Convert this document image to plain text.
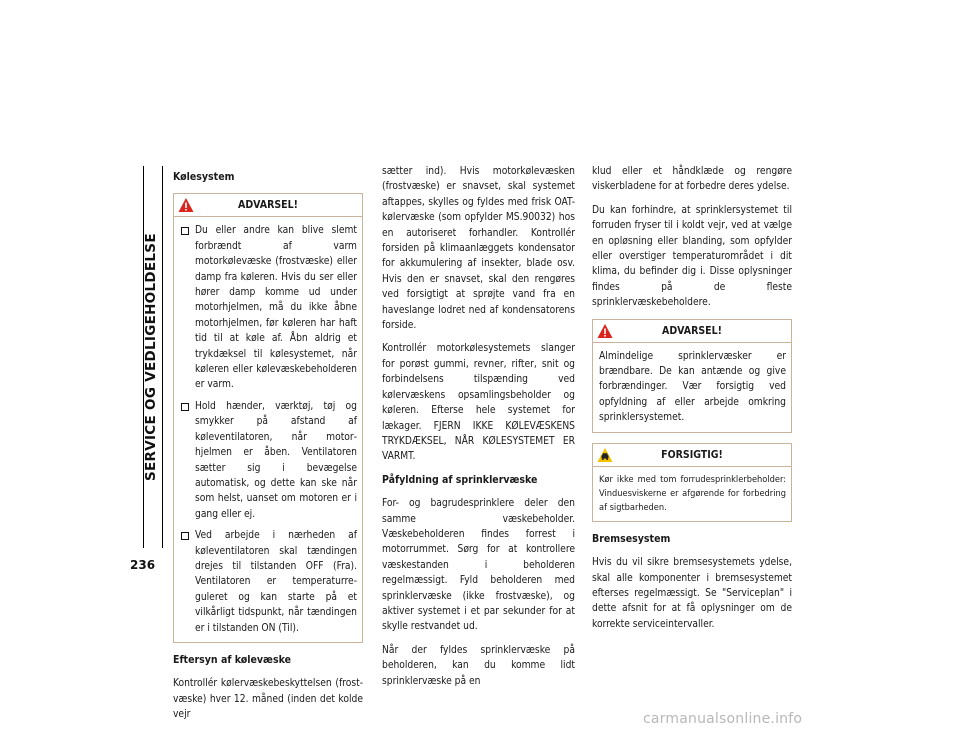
SERVICE OG VEDLIGEHOLDELSE
236
Kølesystem
ADVARSEL!
Du eller andre kan blive slemt forbrændt af varm motorkølevæske (frostvæske) eller damp fra køleren. Hvis du ser eller hører damp komme ud under motorhjelmen, må du ikke åbne motorhjelmen, før køleren har haft tid til at køle af. Åbn aldrig et trykdæksel til kølesystemet, når køleren eller kølevæskebeholderen er varm.
Hold hænder, værktøj, tøj og smykker på afstand af køleventilatoren, når motorhjelmen er åben. Ventilatoren sætter sig i bevægelse automatisk, og dette kan ske når som helst, uanset om motoren er i gang eller ej.
Ved arbejde i nærheden af køleventilatoren skal tændingen drejes til tilstanden OFF (Fra). Ventilatoren er temperaturreguleret og kan starte på et vilkårligt tidspunkt, når tændingen er i tilstanden ON (Til).
Eftersyn af kølevæske

Kontrollér kølervæskebeskyttelsen (frostvæske) hver 12. måned (inden det kolde vejr

sætter ind). Hvis motorkølevæsken (frostvæske) er snavset, skal systemet aftappes, skylles og fyldes med frisk OAT-kølervæske (som opfylder MS.90032) hos en autoriseret forhandler. Kontrollér forsiden på klimaanlæggets kondensator for akkumulering af insekter, blade osv. Hvis den er snavset, skal den rengøres ved forsigtigt at sprøjte vand fra en haveslange lodret ned af kondensatorens forside.

Kontrollér motorkølesystemets slanger for porøst gummi, revner, rifter, snit og forbindelsens tilspænding ved kølervæskens opsamlingsbeholder og køleren. Efterse hele systemet for lækager. FJERN IKKE KØLEVÆSKENS TRYKDÆKSEL, NÅR KØLESYSTEMET ER VARMT.

Påfyldning af sprinklervæske

For- og bagrudesprinklere deler den samme væskebeholder. Væskebeholderen findes forrest i motorrummet. Sørg for at kontrollere væskestanden i beholderen regelmæssigt. Fyld beholderen med sprinklervæske (ikke frostvæske), og aktiver systemet i et par sekunder for at skylle restvandet ud.

Når der fyldes sprinklervæske på beholderen, kan du komme lidt sprinklervæske på en

klud eller et håndklæde og rengøre viskerbladene for at forbedre deres ydelse.

Du kan forhindre, at sprinklersystemet til forruden fryser til i koldt vejr, ved at vælge en opløsning eller blanding, som opfylder eller overstiger temperaturområdet i dit klima, du befinder dig i. Disse oplysninger findes på de fleste sprinklervæskebeholdere.

ADVARSEL!

Almindelige sprinklervæsker er brændbare. De kan antænde og give forbrændinger. Vær forsigtig ved opfyldning af eller arbejde omkring sprinklersystemet.

FORSIGTIG!

Kør ikke med tom forrudesprinklerbeholder: Vinduesviskerne er afgørende for forbedring af sigtbarheden.

Bremsesystem

Hvis du vil sikre bremsesystemets ydelse, skal alle komponenter i bremsesystemet efterses regelmæssigt. Se "Serviceplan" i dette afsnit for at få oplysninger om de korrekte serviceintervaller.

carmanualsonline.info
